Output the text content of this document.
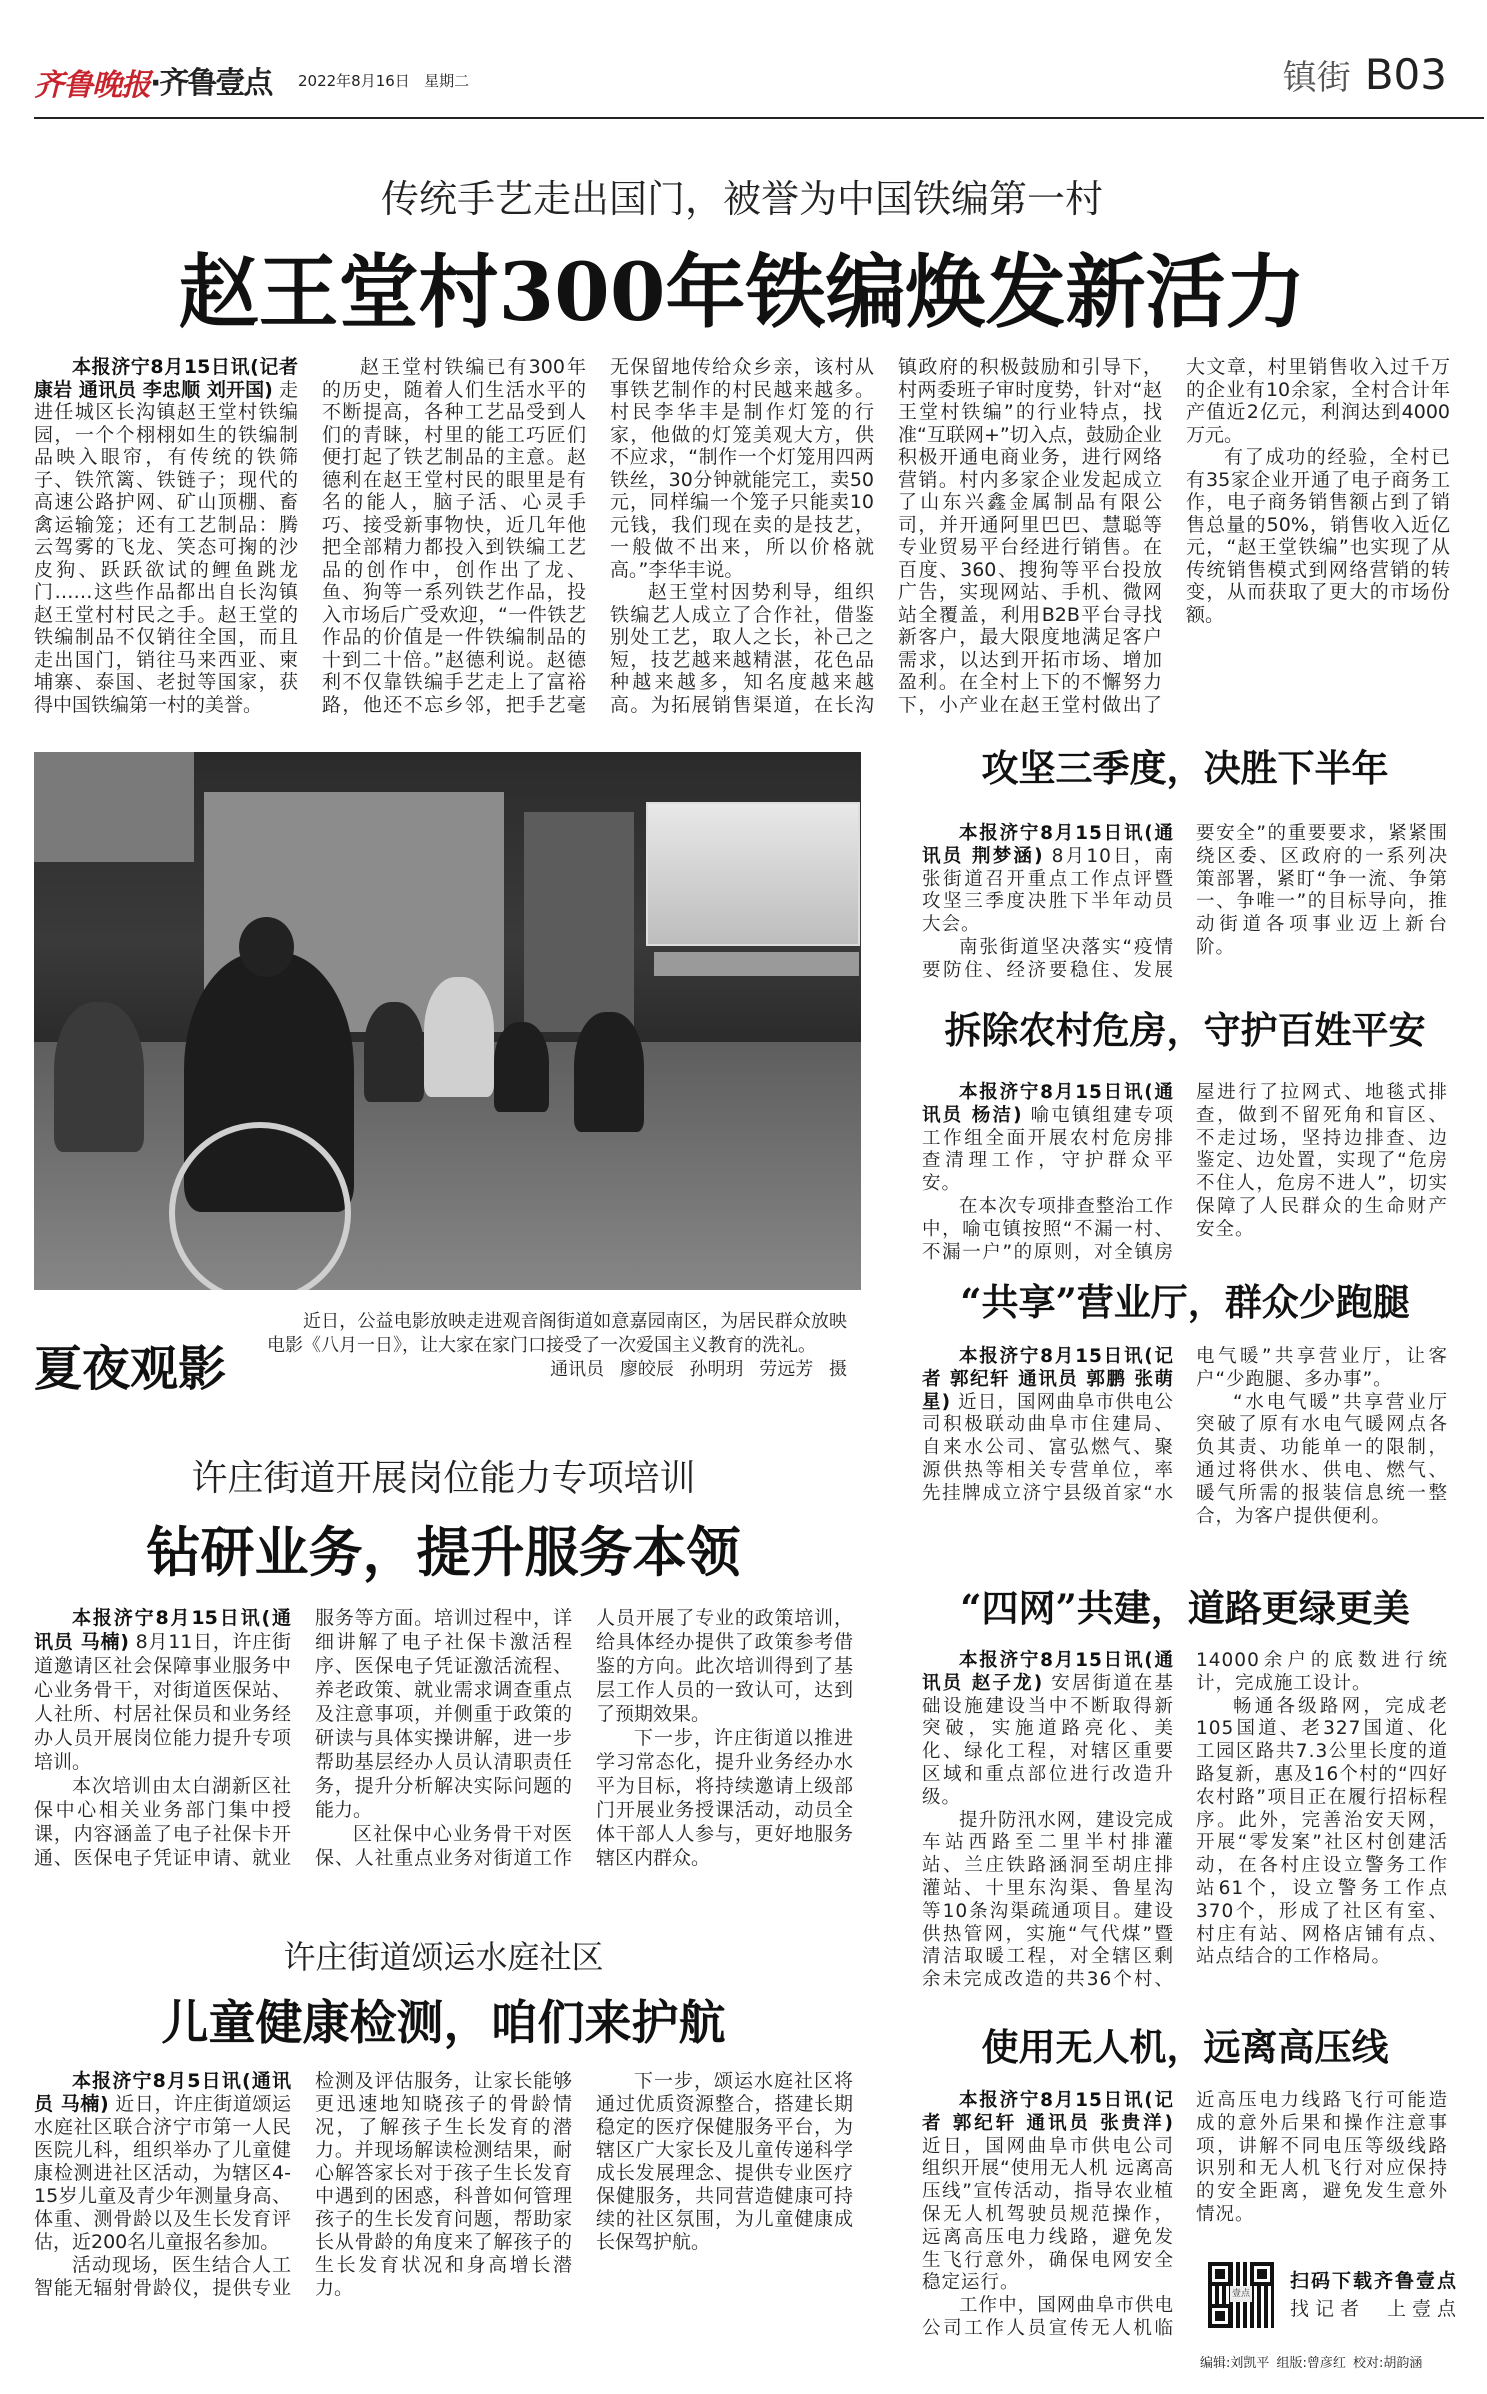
齐鲁晚报 ·齐鲁壹点 2022年8月16日 星期二	镇街 B03
传统手艺走出国门，被誉为中国铁编第一村
赵王堂村300年铁编焕发新活力

本报济宁8月15日讯(记者 康岩 通讯员 李忠顺 刘开国) 走进任城区长沟镇赵王堂村铁编园，一个个栩栩如生的铁编制品映入眼帘，有传统的铁筛子、铁笊篱、铁链子；现代的高速公路护网、矿山顶棚、畜禽运输笼；还有工艺制品：腾云驾雾的飞龙、笑态可掬的沙皮狗、跃跃欲试的鲤鱼跳龙门……这些作品都出自长沟镇赵王堂村村民之手。赵王堂的铁编制品不仅销往全国，而且走出国门，销往马来西亚、柬埔寨、泰国、老挝等国家，获得中国铁编第一村的美誉。

赵王堂村铁编已有300年的历史，随着人们生活水平的不断提高，各种工艺品受到人们的青睐，村里的能工巧匠们便打起了铁艺制品的主意。赵德利在赵王堂村民的眼里是有名的能人，脑子活、心灵手巧、接受新事物快，近几年他把全部精力都投入到铁编工艺品的创作中，创作出了龙、鱼、狗等一系列铁艺作品，投入市场后广受欢迎，“一件铁艺作品的价值是一件铁编制品的十到二十倍。”赵德利说。赵德利不仅靠铁编手艺走上了富裕路，他还不忘乡邻，把手艺毫无保留地传给众乡亲，该村从事铁艺制作的村民越来越多。村民李华丰是制作灯笼的行家，他做的灯笼美观大方，供不应求，“制作一个灯笼用四两铁丝，30分钟就能完工，卖50元，同样编一个笼子只能卖10元钱，我们现在卖的是技艺，一般做不出来，所以价格就高。”李华丰说。

赵王堂村因势利导，组织铁编艺人成立了合作社，借鉴别处工艺，取人之长，补己之短，技艺越来越精湛，花色品种越来越多，知名度越来越高。为拓展销售渠道，在长沟镇政府的积极鼓励和引导下，村两委班子审时度势，针对“赵王堂村铁编”的行业特点，找准“互联网+”切入点，鼓励企业积极开通电商业务，进行网络营销。村内多家企业发起成立了山东兴鑫金属制品有限公司，并开通阿里巴巴、慧聪等专业贸易平台经进行销售。在百度、360、搜狗等平台投放广告，实现网站、手机、微网站全覆盖，利用B2B平台寻找新客户，最大限度地满足客户需求，以达到开拓市场、增加盈利。在全村上下的不懈努力下，小产业在赵王堂村做出了大文章，村里销售收入过千万的企业有10余家，全村合计年产值近2亿元，利润达到4000万元。

有了成功的经验，全村已有35家企业开通了电子商务工作，电子商务销售额占到了销售总量的50%，销售收入近亿元，“赵王堂铁编”也实现了从传统销售模式到网络营销的转变，从而获取了更大的市场份额。

夏夜观影

近日，公益电影放映走进观音阁街道如意嘉园南区，为居民群众放映电影《八月一日》，让大家在家门口接受了一次爱国主义教育的洗礼。

通讯员 廖皎辰 孙明玥 劳远芳 摄
许庄街道开展岗位能力专项培训
钻研业务，提升服务本领

本报济宁8月15日讯(通讯员 马楠) 8月11日，许庄街道邀请区社会保障事业服务中心业务骨干，对街道医保站、人社所、村居社保员和业务经办人员开展岗位能力提升专项培训。

本次培训由太白湖新区社保中心相关业务部门集中授课，内容涵盖了电子社保卡开通、医保电子凭证申请、就业服务等方面。培训过程中，详细讲解了电子社保卡激活程序、医保电子凭证激活流程、养老政策、就业需求调查重点及注意事项，并侧重于政策的研读与具体实操讲解，进一步帮助基层经办人员认清职责任务，提升分析解决实际问题的能力。

区社保中心业务骨干对医保、人社重点业务对街道工作人员开展了专业的政策培训，给具体经办提供了政策参考借鉴的方向。此次培训得到了基层工作人员的一致认可，达到了预期效果。

下一步，许庄街道以推进学习常态化，提升业务经办水平为目标，将持续邀请上级部门开展业务授课活动，动员全体干部人人参与，更好地服务辖区内群众。

许庄街道颂运水庭社区
儿童健康检测，咱们来护航

本报济宁8月5日讯(通讯员 马楠) 近日，许庄街道颂运水庭社区联合济宁市第一人民医院儿科，组织举办了儿童健康检测进社区活动，为辖区4-15岁儿童及青少年测量身高、体重、测骨龄以及生长发育评估，近200名儿童报名参加。

活动现场，医生结合人工智能无辐射骨龄仪，提供专业检测及评估服务，让家长能够更迅速地知晓孩子的骨龄情况，了解孩子生长发育的潜力。并现场解读检测结果，耐心解答家长对于孩子生长发育中遇到的困惑，科普如何管理孩子的生长发育问题，帮助家长从骨龄的角度来了解孩子的生长发育状况和身高增长潜力。

下一步，颂运水庭社区将通过优质资源整合，搭建长期稳定的医疗保健服务平台，为辖区广大家长及儿童传递科学成长发展理念、提供专业医疗保健服务，共同营造健康可持续的社区氛围，为儿童健康成长保驾护航。

攻坚三季度，决胜下半年

本报济宁8月15日讯(通讯员 荆梦涵) 8月10日，南张街道召开重点工作点评暨攻坚三季度决胜下半年动员大会。

南张街道坚决落实“疫情要防住、经济要稳住、发展要安全”的重要要求，紧紧围绕区委、区政府的一系列决策部署，紧盯“争一流、争第一、争唯一”的目标导向，推动街道各项事业迈上新台阶。

拆除农村危房，守护百姓平安

本报济宁8月15日讯(通讯员 杨洁) 喻屯镇组建专项工作组全面开展农村危房排查清理工作，守护群众平安。

在本次专项排查整治工作中，喻屯镇按照“不漏一村、不漏一户”的原则，对全镇房屋进行了拉网式、地毯式排查，做到不留死角和盲区、不走过场，坚持边排查、边鉴定、边处置，实现了“危房不住人，危房不进人”，切实保障了人民群众的生命财产安全。

“共享”营业厅，群众少跑腿

本报济宁8月15日讯(记者 郭纪轩 通讯员 郭鹏 张萌星) 近日，国网曲阜市供电公司积极联动曲阜市住建局、自来水公司、富弘燃气、聚源供热等相关专营单位，率先挂牌成立济宁县级首家“水电气暖”共享营业厅，让客户“少跑腿、多办事”。

“水电气暖”共享营业厅突破了原有水电气暖网点各负其责、功能单一的限制，通过将供水、供电、燃气、暖气所需的报装信息统一整合，为客户提供便利。

“四网”共建，道路更绿更美

本报济宁8月15日讯(通讯员 赵子龙) 安居街道在基础设施建设当中不断取得新突破，实施道路亮化、美化、绿化工程，对辖区重要区域和重点部位进行改造升级。

提升防汛水网，建设完成车站西路至二里半村排灌站、兰庄铁路涵洞至胡庄排灌站、十里东沟渠、鲁星沟等10条沟渠疏通项目。建设供热管网，实施“气代煤”暨清洁取暖工程，对全辖区剩余未完成改造的共36个村、14000余户的底数进行统计，完成施工设计。

畅通各级路网，完成老105国道、老327国道、化工园区路共7.3公里长度的道路复新，惠及16个村的“四好农村路”项目正在履行招标程序。此外，完善治安天网，开展“零发案”社区村创建活动，在各村庄设立警务工作站61个，设立警务工作点370个，形成了社区有室、村庄有站、网格店铺有点、站点结合的工作格局。

使用无人机，远离高压线

本报济宁8月15日讯(记者 郭纪轩 通讯员 张贵洋) 近日，国网曲阜市供电公司组织开展“使用无人机 远离高压线”宣传活动，指导农业植保无人机驾驶员规范操作，远离高压电力线路，避免发生飞行意外，确保电网安全稳定运行。

工作中，国网曲阜市供电公司工作人员宣传无人机临近高压电力线路飞行可能造成的意外后果和操作注意事项，讲解不同电压等级线路识别和无人机飞行对应保持的安全距离，避免发生意外情况。

壹点
扫码下载齐鲁壹点
找记者 上壹点
编辑:刘凯平 组版:曾彦红 校对:胡韵涵
